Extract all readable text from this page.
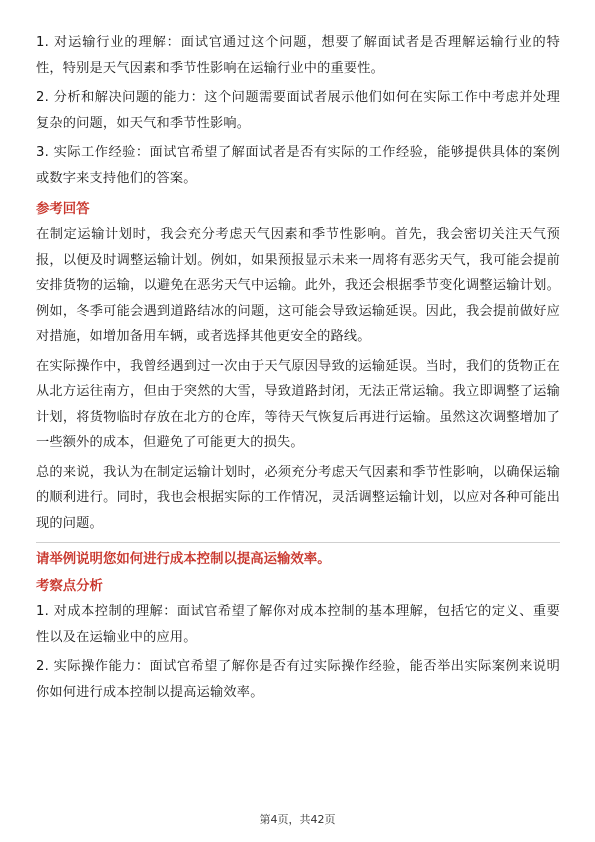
1. 对运输行业的理解：面试官通过这个问题，想要了解面试者是否理解运输行业的特性，特别是天气因素和季节性影响在运输行业中的重要性。

2. 分析和解决问题的能力：这个问题需要面试者展示他们如何在实际工作中考虑并处理复杂的问题，如天气和季节性影响。

3. 实际工作经验：面试官希望了解面试者是否有实际的工作经验，能够提供具体的案例或数字来支持他们的答案。

参考回答

在制定运输计划时，我会充分考虑天气因素和季节性影响。首先，我会密切关注天气预报，以便及时调整运输计划。例如，如果预报显示未来一周将有恶劣天气，我可能会提前安排货物的运输，以避免在恶劣天气中运输。此外，我还会根据季节变化调整运输计划。例如，冬季可能会遇到道路结冰的问题，这可能会导致运输延误。因此，我会提前做好应对措施，如增加备用车辆，或者选择其他更安全的路线。

在实际操作中，我曾经遇到过一次由于天气原因导致的运输延误。当时，我们的货物正在从北方运往南方，但由于突然的大雪，导致道路封闭，无法正常运输。我立即调整了运输计划，将货物临时存放在北方的仓库，等待天气恢复后再进行运输。虽然这次调整增加了一些额外的成本，但避免了可能更大的损失。

总的来说，我认为在制定运输计划时，必须充分考虑天气因素和季节性影响，以确保运输的顺利进行。同时，我也会根据实际的工作情况，灵活调整运输计划，以应对各种可能出现的问题。

请举例说明您如何进行成本控制以提高运输效率。

考察点分析

1. 对成本控制的理解：面试官希望了解你对成本控制的基本理解，包括它的定义、重要性以及在运输业中的应用。

2. 实际操作能力：面试官希望了解你是否有过实际操作经验，能否举出实际案例来说明你如何进行成本控制以提高运输效率。

第4页，共42页
